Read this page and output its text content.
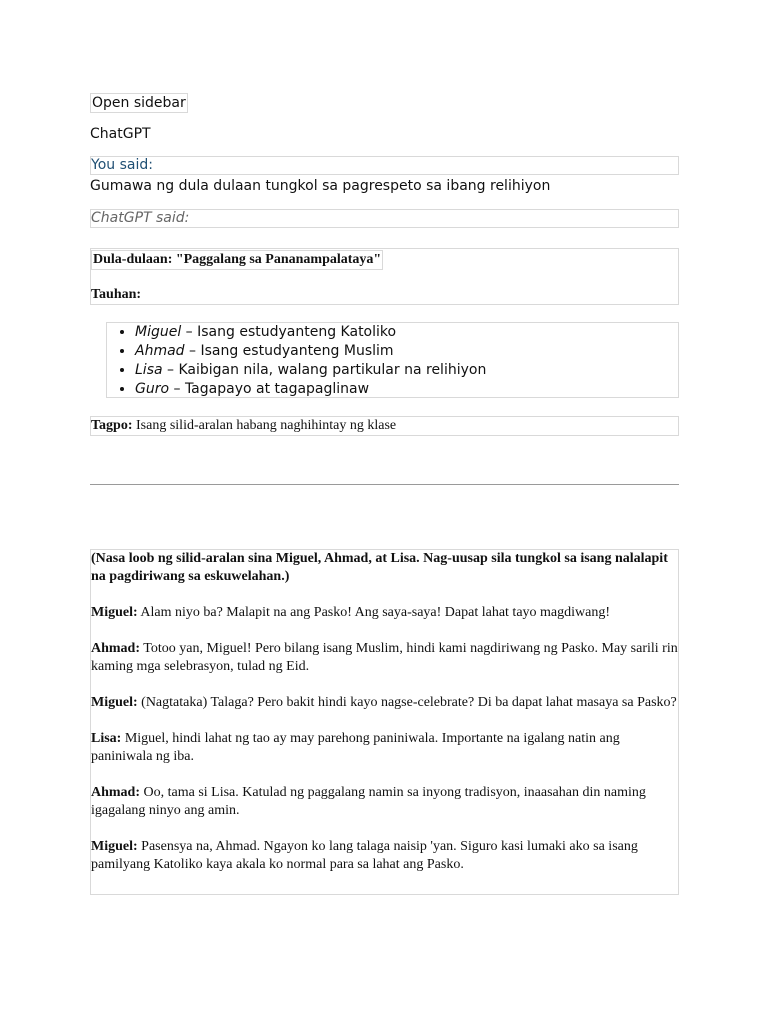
Open sidebar
ChatGPT
You said:
Gumawa ng dula dulaan tungkol sa pagrespeto sa ibang relihiyon
ChatGPT said:
Dula-dulaan: "Paggalang sa Pananampalataya"
Tauhan:
• Miguel – Isang estudyanteng Katoliko
• Ahmad – Isang estudyanteng Muslim
• Lisa – Kaibigan nila, walang partikular na relihiyon
• Guro – Tagapayo at tagapaglinaw
Tagpo: Isang silid-aralan habang naghihintay ng klase

(Nasa loob ng silid-aralan sina Miguel, Ahmad, at Lisa. Nag-uusap sila tungkol sa isang nalalapit na pagdiriwang sa eskuwelahan.)

Miguel: Alam niyo ba? Malapit na ang Pasko! Ang saya-saya! Dapat lahat tayo magdiwang!

Ahmad: Totoo yan, Miguel! Pero bilang isang Muslim, hindi kami nagdiriwang ng Pasko. May sarili rin kaming mga selebrasyon, tulad ng Eid.

Miguel: (Nagtataka) Talaga? Pero bakit hindi kayo nagse-celebrate? Di ba dapat lahat masaya sa Pasko?

Lisa: Miguel, hindi lahat ng tao ay may parehong paniniwala. Importante na igalang natin ang paniniwala ng iba.

Ahmad: Oo, tama si Lisa. Katulad ng paggalang namin sa inyong tradisyon, inaasahan din naming igagalang ninyo ang amin.

Miguel: Pasensya na, Ahmad. Ngayon ko lang talaga naisip 'yan. Siguro kasi lumaki ako sa isang pamilyang Katoliko kaya akala ko normal para sa lahat ang Pasko.
